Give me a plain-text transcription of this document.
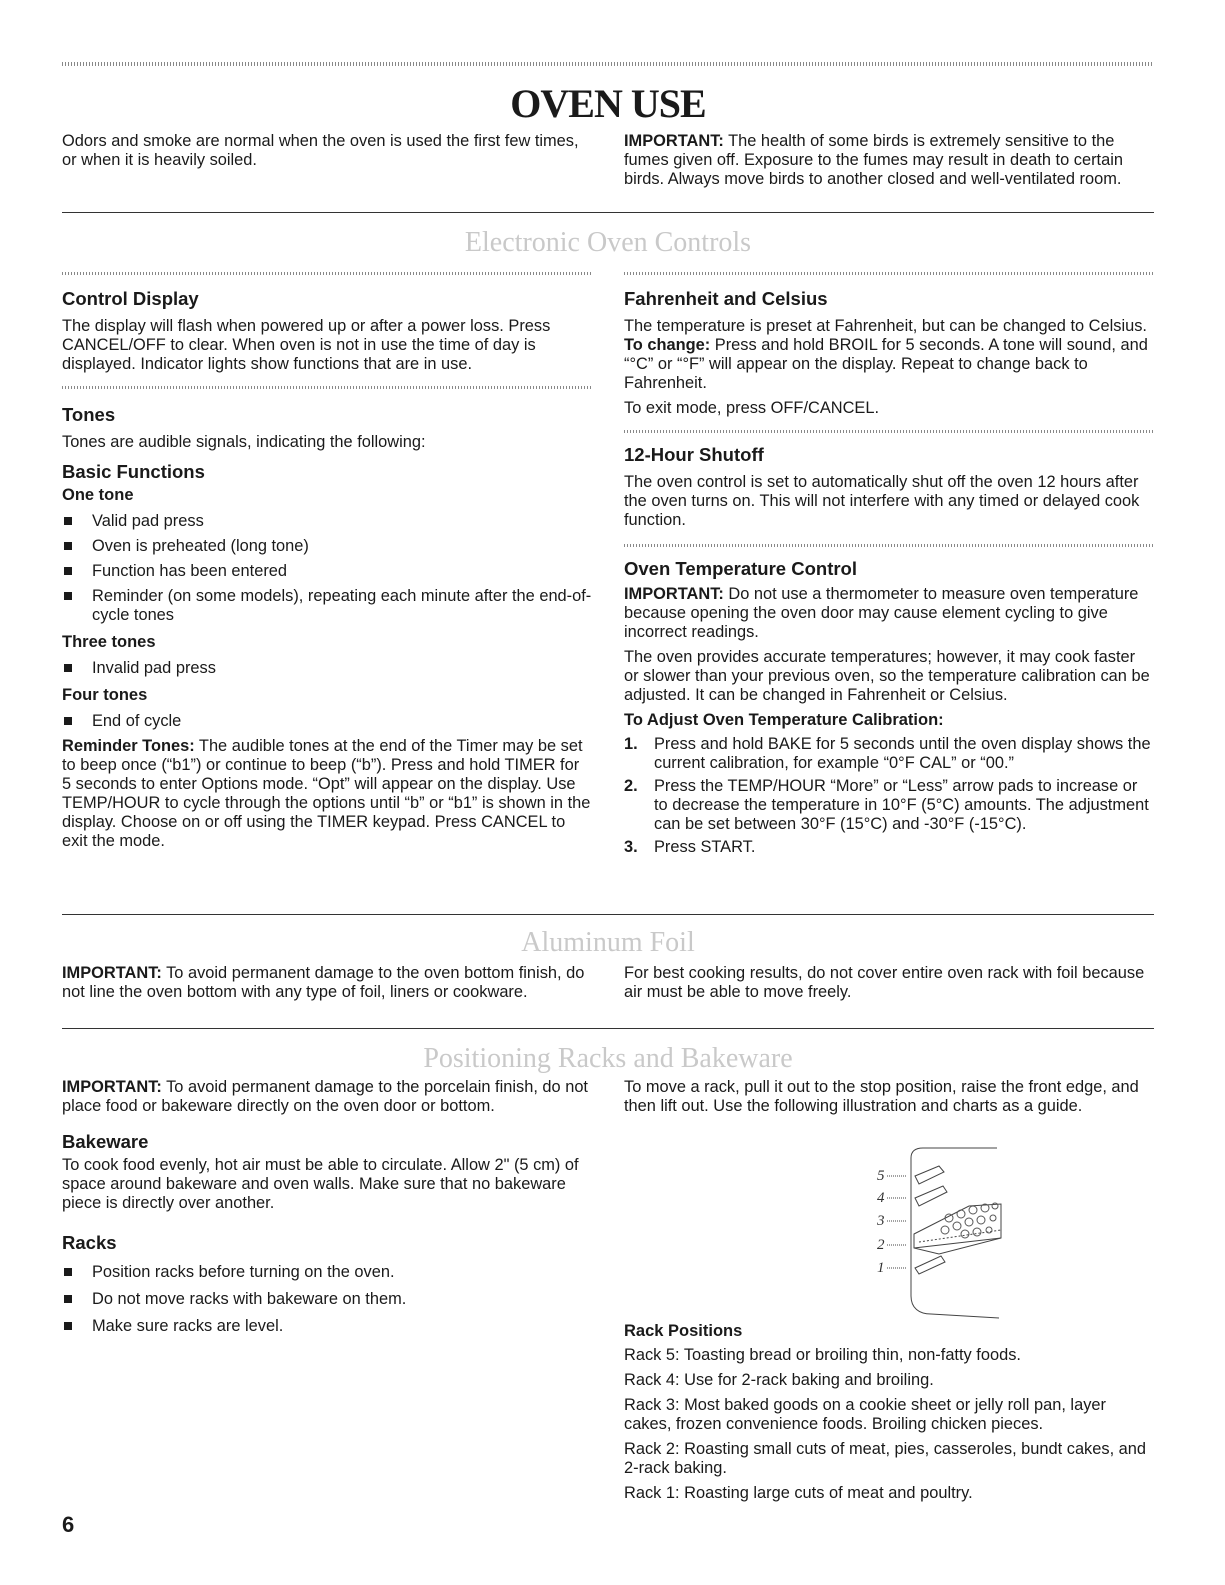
OVEN USE

Odors and smoke are normal when the oven is used the first few times, or when it is heavily soiled.

IMPORTANT: The health of some birds is extremely sensitive to the fumes given off. Exposure to the fumes may result in death to certain birds. Always move birds to another closed and well-ventilated room.

Electronic Oven Controls
Control Display

The display will flash when powered up or after a power loss. Press CANCEL/OFF to clear. When oven is not in use the time of day is displayed. Indicator lights show functions that are in use.

Tones

Tones are audible signals, indicating the following:

Basic Functions
One tone
Valid pad press
Oven is preheated (long tone)
Function has been entered
Reminder (on some models), repeating each minute after the end-of-cycle tones
Three tones
Invalid pad press
Four tones
End of cycle

Reminder Tones: The audible tones at the end of the Timer may be set to beep once (“b1”) or continue to beep (“b”). Press and hold TIMER for 5 seconds to enter Options mode. “Opt” will appear on the display. Use TEMP/HOUR to cycle through the options until “b” or “b1” is shown in the display. Choose on or off using the TIMER keypad. Press CANCEL to exit the mode.

Fahrenheit and Celsius

The temperature is preset at Fahrenheit, but can be changed to Celsius.

To change: Press and hold BROIL for 5 seconds. A tone will sound, and “°C” or “°F” will appear on the display. Repeat to change back to Fahrenheit.

To exit mode, press OFF/CANCEL.

12-Hour Shutoff

The oven control is set to automatically shut off the oven 12 hours after the oven turns on. This will not interfere with any timed or delayed cook function.

Oven Temperature Control

IMPORTANT: Do not use a thermometer to measure oven temperature because opening the oven door may cause element cycling to give incorrect readings.

The oven provides accurate temperatures; however, it may cook faster or slower than your previous oven, so the temperature calibration can be adjusted. It can be changed in Fahrenheit or Celsius.

To Adjust Oven Temperature Calibration:
1. Press and hold BAKE for 5 seconds until the oven display shows the current calibration, for example “0°F CAL” or “00.”
2. Press the TEMP/HOUR “More” or “Less” arrow pads to increase or to decrease the temperature in 10°F (5°C) amounts. The adjustment can be set between 30°F (15°C) and -30°F (-15°C).
3. Press START.
Aluminum Foil

IMPORTANT: To avoid permanent damage to the oven bottom finish, do not line the oven bottom with any type of foil, liners or cookware.

For best cooking results, do not cover entire oven rack with foil because air must be able to move freely.

Positioning Racks and Bakeware

IMPORTANT: To avoid permanent damage to the porcelain finish, do not place food or bakeware directly on the oven door or bottom.

Bakeware

To cook food evenly, hot air must be able to circulate. Allow 2" (5 cm) of space around bakeware and oven walls. Make sure that no bakeware piece is directly over another.

Racks
Position racks before turning on the oven.
Do not move racks with bakeware on them.
Make sure racks are level.

To move a rack, pull it out to the stop position, raise the front edge, and then lift out. Use the following illustration and charts as a guide.

5
4
3
2
1
Rack Positions

Rack 5: Toasting bread or broiling thin, non-fatty foods.

Rack 4: Use for 2-rack baking and broiling.

Rack 3: Most baked goods on a cookie sheet or jelly roll pan, layer cakes, frozen convenience foods. Broiling chicken pieces.

Rack 2: Roasting small cuts of meat, pies, casseroles, bundt cakes, and 2-rack baking.

Rack 1: Roasting large cuts of meat and poultry.

6
